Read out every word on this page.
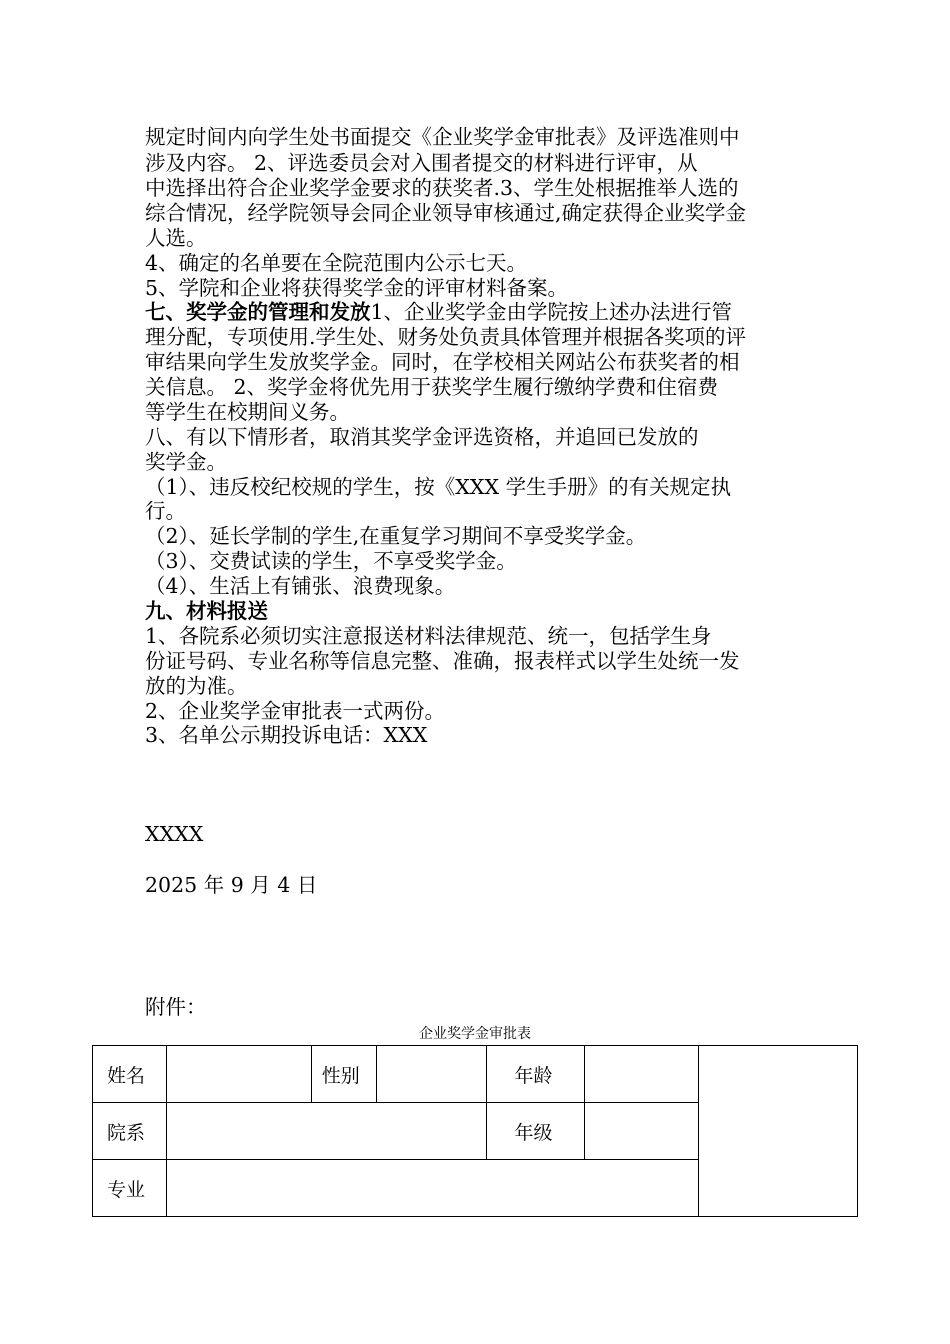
规定时间内向学生处书面提交《企业奖学金审批表》及评选准则中
涉及内容。 2、评选委员会对入围者提交的材料进行评审，从
中选择出符合企业奖学金要求的获奖者.3、学生处根据推举人选的
综合情况，经学院领导会同企业领导审核通过,确定获得企业奖学金
人选。
4、确定的名单要在全院范围内公示七天。
5、学院和企业将获得奖学金的评审材料备案。
七、奖学金的管理和发放1、企业奖学金由学院按上述办法进行管
理分配，专项使用.学生处、财务处负责具体管理并根据各奖项的评
审结果向学生发放奖学金。同时，在学校相关网站公布获奖者的相
关信息。 2、奖学金将优先用于获奖学生履行缴纳学费和住宿费
等学生在校期间义务。
八、有以下情形者，取消其奖学金评选资格，并追回已发放的
奖学金。
（1）、违反校纪校规的学生，按《XXX 学生手册》的有关规定执
行。
（2）、延长学制的学生,在重复学习期间不享受奖学金。
（3）、交费试读的学生，不享受奖学金。
（4）、生活上有铺张、浪费现象。
九、材料报送
1、各院系必须切实注意报送材料法律规范、统一，包括学生身
份证号码、专业名称等信息完整、准确，报表样式以学生处统一发
放的为准。
2、企业奖学金审批表一式两份。
3、名单公示期投诉电话：XXX
XXXX
2025 年 9 月 4 日
附件：
企业奖学金审批表
姓名		性别		年龄		
院系				年级		
专业						
